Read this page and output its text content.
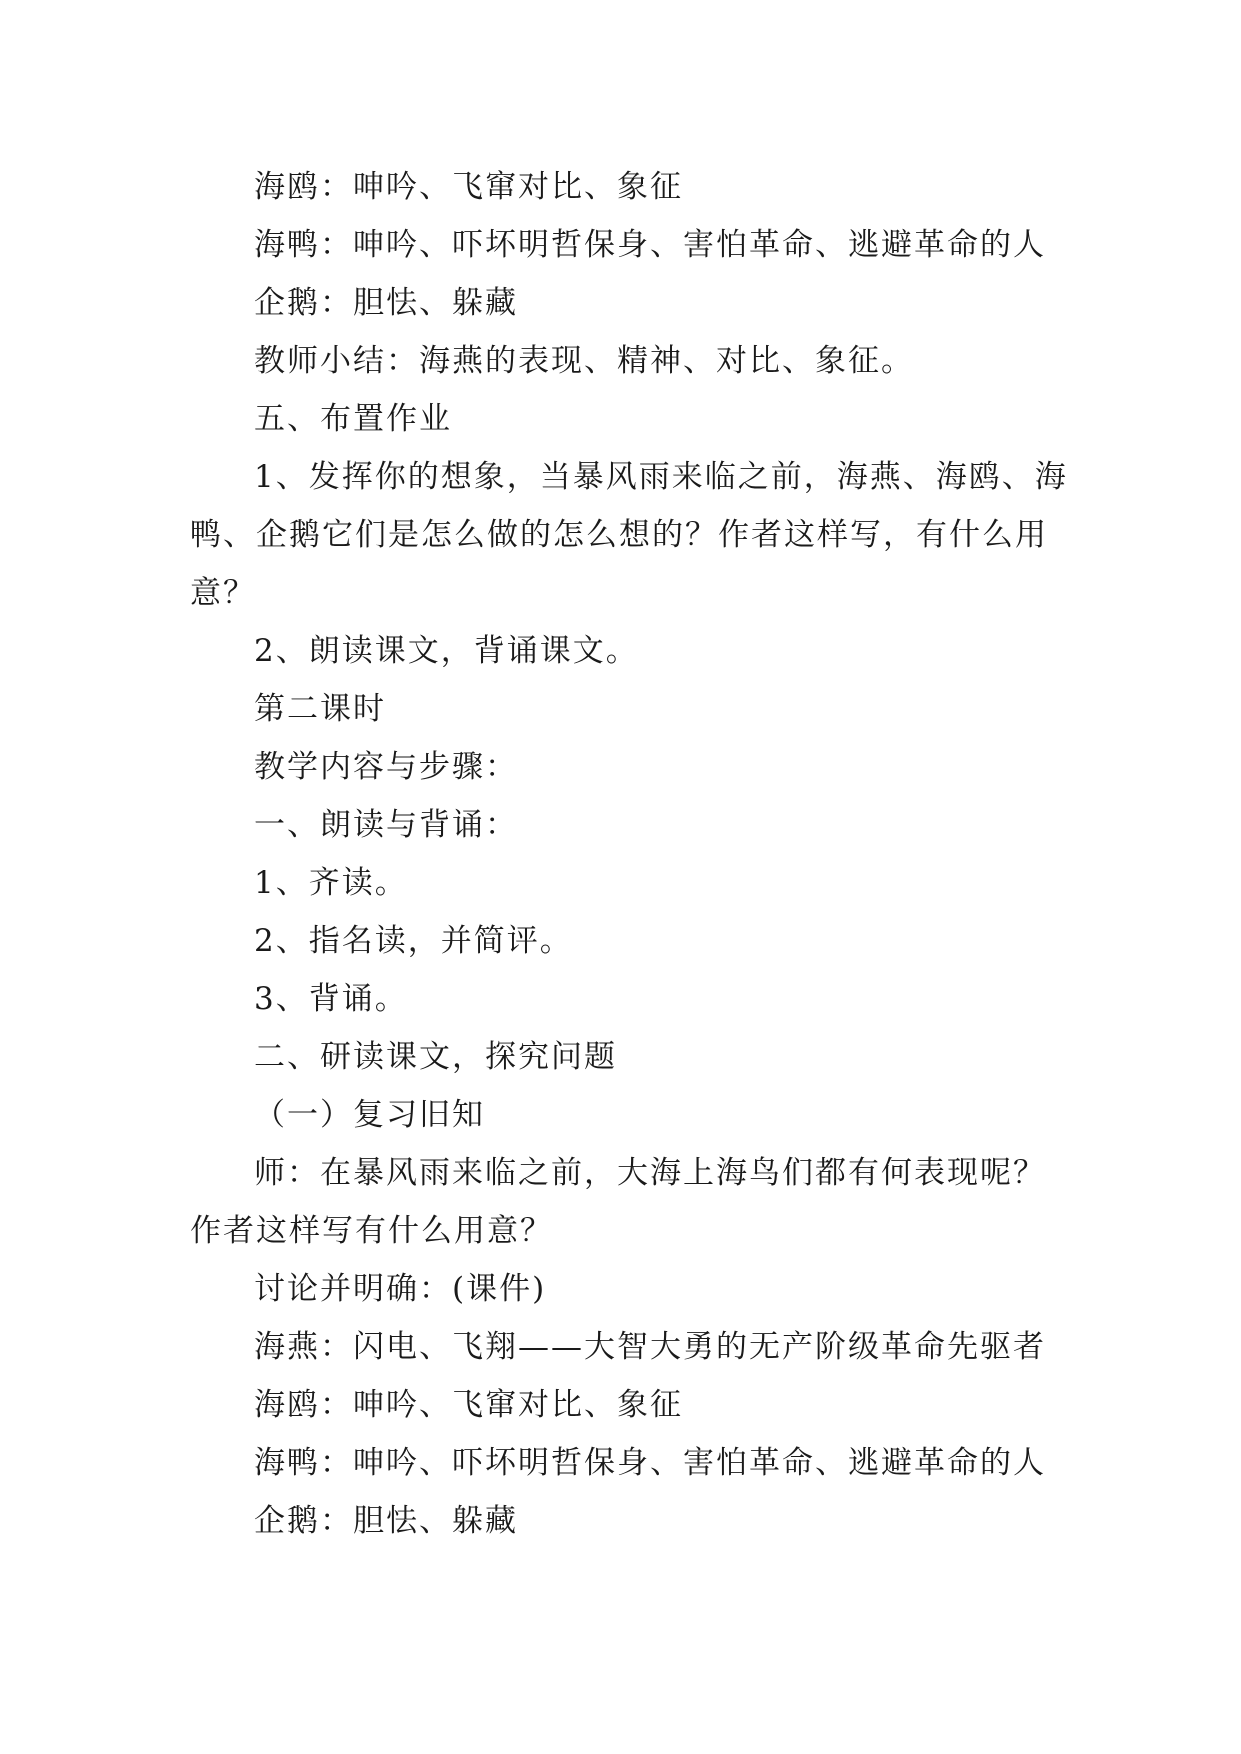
海鸥：呻吟、飞窜对比、象征

海鸭：呻吟、吓坏明哲保身、害怕革命、逃避革命的人

企鹅：胆怯、躲藏

教师小结：海燕的表现、精神、对比、象征。

五、布置作业

1、发挥你的想象，当暴风雨来临之前，海燕、海鸥、海鸭、企鹅它们是怎么做的怎么想的？作者这样写，有什么用意？

2、朗读课文，背诵课文。

第二课时

教学内容与步骤：

一、朗读与背诵：

1、齐读。

2、指名读，并简评。

3、背诵。

二、研读课文，探究问题

（一）复习旧知

师：在暴风雨来临之前，大海上海鸟们都有何表现呢？作者这样写有什么用意？

讨论并明确：(课件)

海燕：闪电、飞翔——大智大勇的无产阶级革命先驱者

海鸥：呻吟、飞窜对比、象征

海鸭：呻吟、吓坏明哲保身、害怕革命、逃避革命的人

企鹅：胆怯、躲藏
